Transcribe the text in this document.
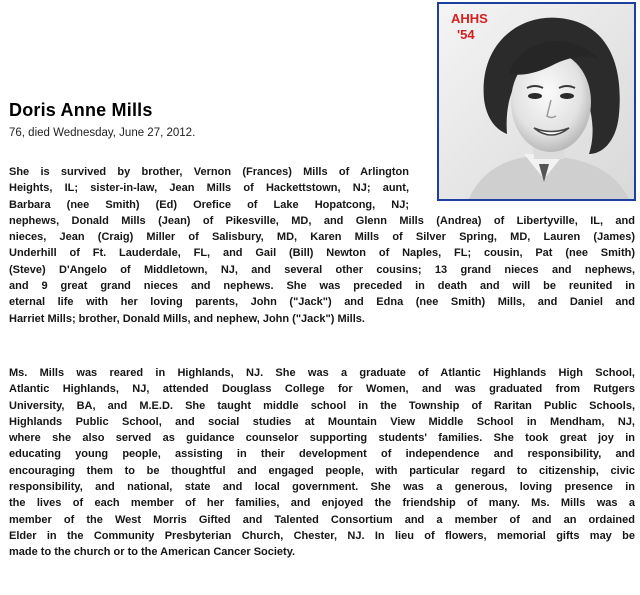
AHHS
'54
Doris Anne Mills
76, died Wednesday, June 27, 2012.

She is survived by brother, Vernon (Frances) Mills of Arlington
Heights, IL; sister-in-law, Jean Mills of Hackettstown, NJ; aunt,
Barbara (nee Smith) (Ed) Orefice of Lake Hopatcong, NJ;
nephews, Donald Mills (Jean) of Pikesville, MD, and Glenn Mills (Andrea) of Libertyville, IL, and
nieces, Jean (Craig) Miller of Salisbury, MD, Karen Mills of Silver Spring, MD, Lauren (James)
Underhill of Ft. Lauderdale, FL, and Gail (Bill) Newton of Naples, FL; cousin, Pat (nee Smith)
(Steve) D'Angelo of Middletown, NJ, and several other cousins; 13 grand nieces and nephews,
and 9 great grand nieces and nephews. She was preceded in death and will be reunited in
eternal life with her loving parents, John ("Jack") and Edna (nee Smith) Mills, and Daniel and
Harriet Mills; brother, Donald Mills, and nephew, John ("Jack") Mills.

Ms. Mills was reared in Highlands, NJ. She was a graduate of Atlantic Highlands High School,
Atlantic Highlands, NJ, attended Douglass College for Women, and was graduated from Rutgers
University, BA, and M.E.D. She taught middle school in the Township of Raritan Public Schools,
Highlands Public School, and social studies at Mountain View Middle School in Mendham, NJ,
where she also served as guidance counselor supporting students' families. She took great joy in
educating young people, assisting in their development of independence and responsibility, and
encouraging them to be thoughtful and engaged people, with particular regard to citizenship, civic
responsibility, and national, state and local government. She was a generous, loving presence in
the lives of each member of her families, and enjoyed the friendship of many. Ms. Mills was a
member of the West Morris Gifted and Talented Consortium and a member of and an ordained
Elder in the Community Presbyterian Church, Chester, NJ. In lieu of flowers, memorial gifts may be
made to the church or to the American Cancer Society.
